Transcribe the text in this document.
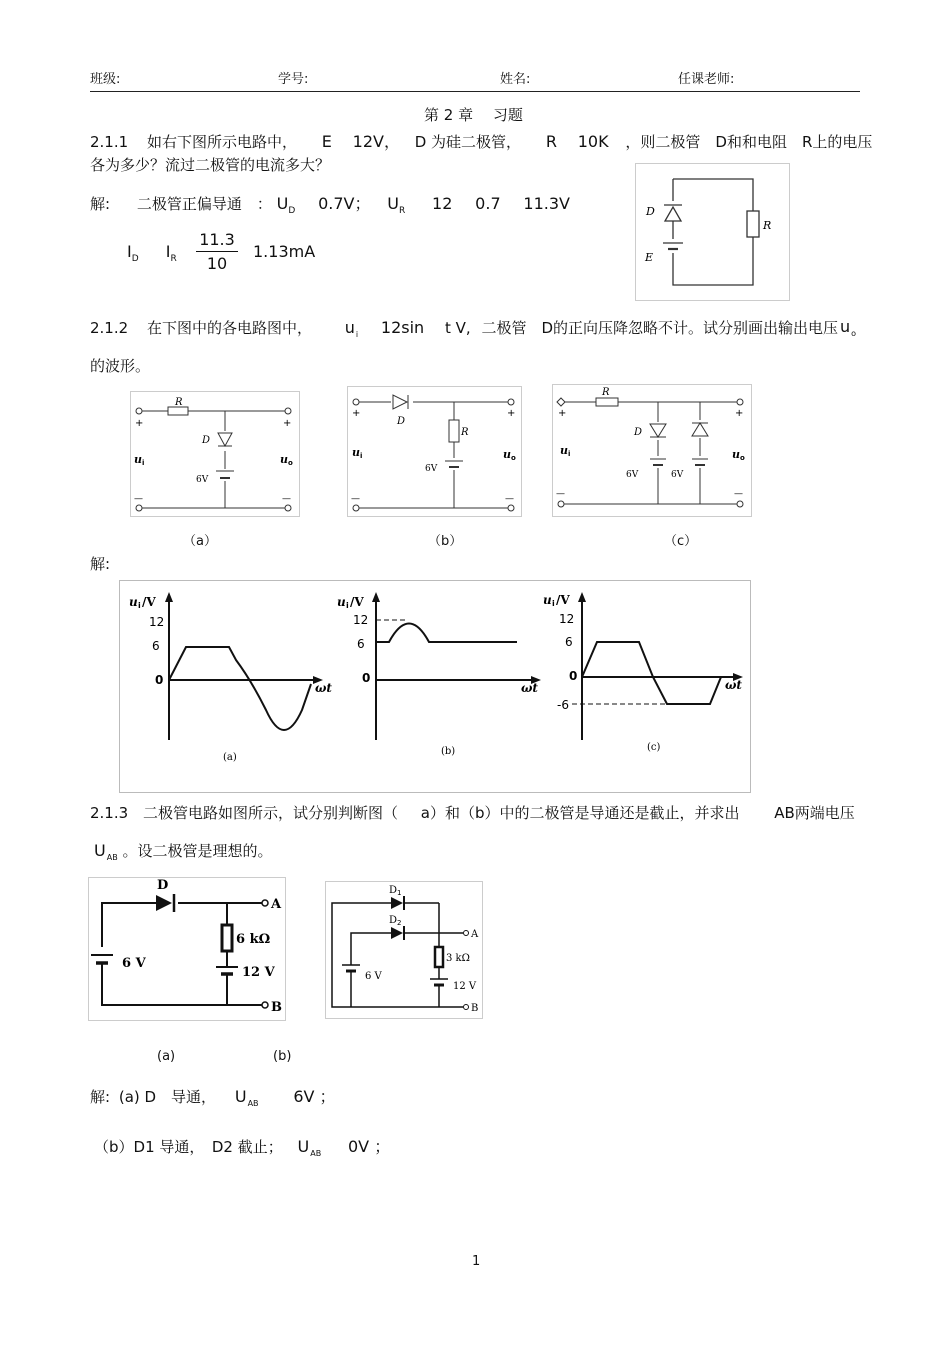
班级:	学号:	姓名:	任课老师:
第 2 章　 习题
2.1.1 如右下图所示电路中， E 12V， D 为硅二极管， R 10K ，则二极管　D和和电阻　R上的电压
各为多少？流过二极管的电流多大？
解: 二极管正偏导通　： $U_D$ 0.7V； $U_R$ 12 0.7 11.3V
$I_D$ $I_R$
11.3
10
1.13mA
D
E
R
2.1.2 在下图中的各电路图中， $u_i$ 12sin t V, 二极管　D的正向压降忽略不计。试分别画出输出电压 $u_o$
的波形。
R
D
6V
+	+
—	—
u i	u o
D
R
6V
+	+
—	—
u i	u o
R
D
6V	6V
+	+
—	—
u i	u o
（a）	（b）	（c）
解:
u i /V
12
6
0
ωt
(a)
u i /V
12
6
0
ωt
(b)
u i /V
12
6
0
-6
ωt
(c)
2.1.3 二极管电路如图所示，试分别判断图（ a）和（b）中的二极管是导通还是截止，并求出 AB两端电压
$U_{AB}$ 。设二极管是理想的。
D
6 kΩ
6 V
12 V
A
B
D 1
D 2
3 kΩ
6 V
12 V
A
B
(a)	(b)
解: (a) D　导通， $U_{AB}$ 6V ；
（b）D1 导通，　D2 截止； $U_{AB}$ 0V ；
1
